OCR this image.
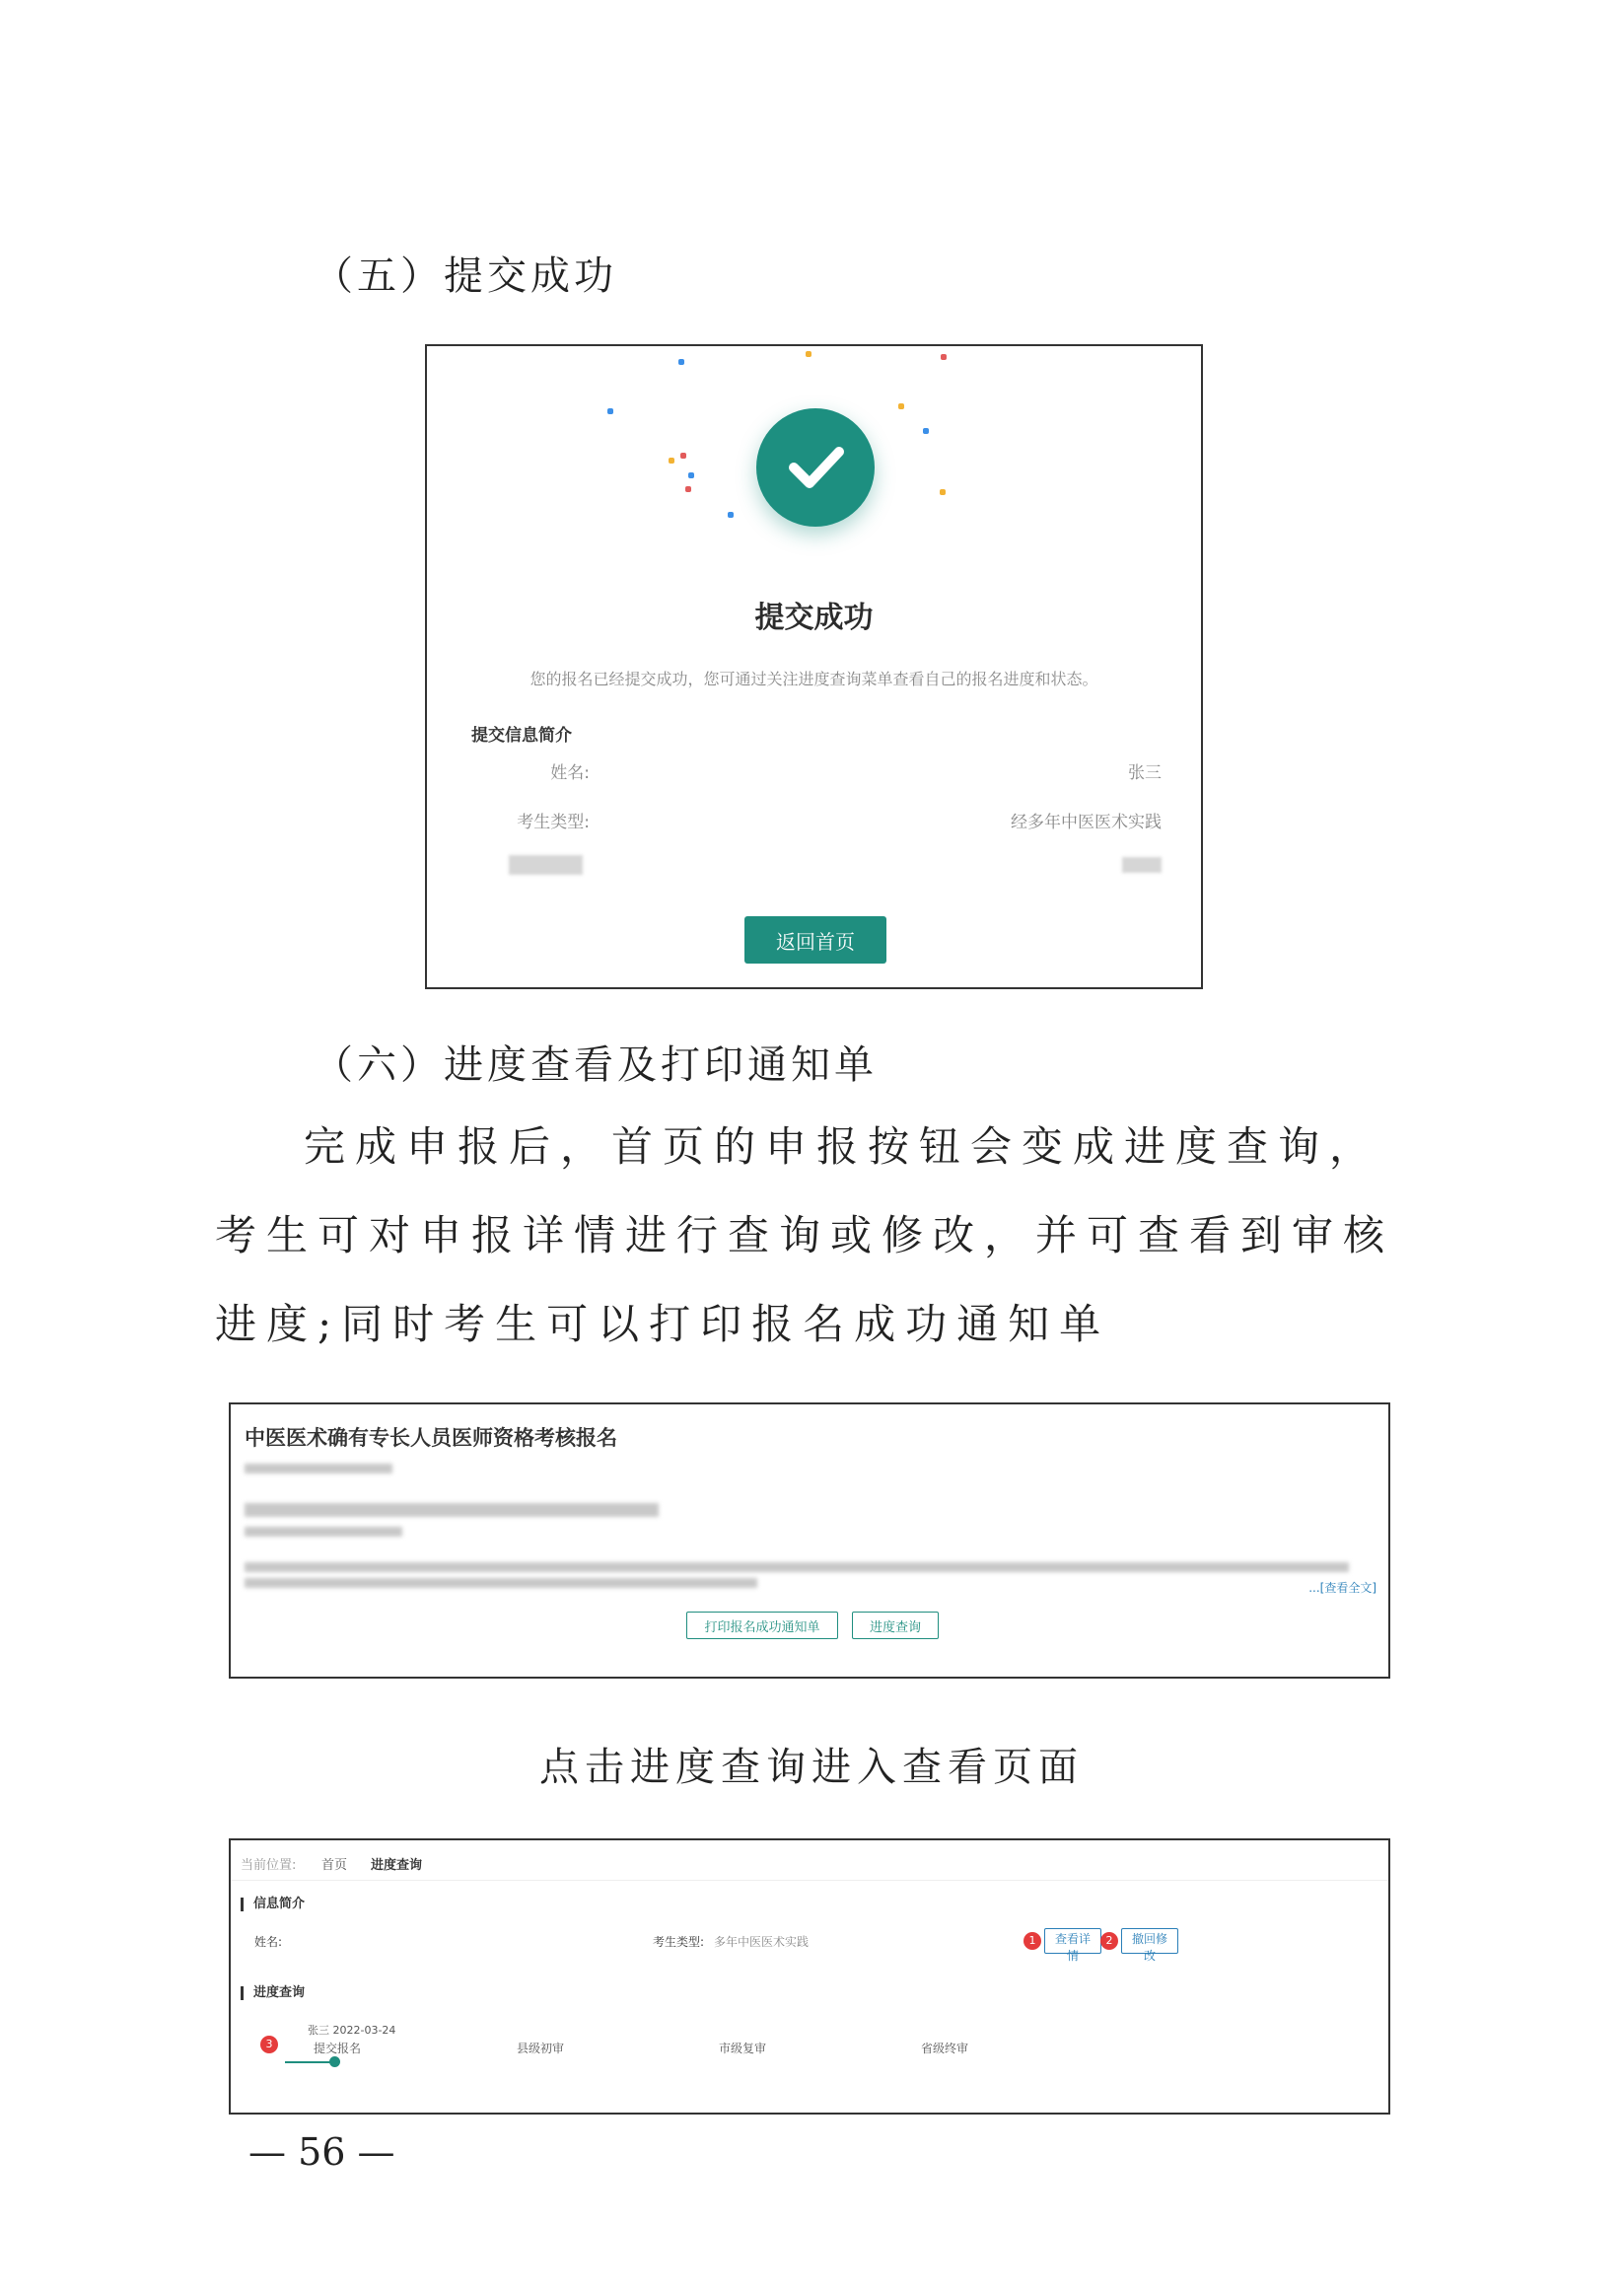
（五）提交成功
提交成功
您的报名已经提交成功，您可通过关注进度查询菜单查看自己的报名进度和状态。
提交信息简介
姓名:	张三
考生类型:	经多年中医医术实践
返回首页
（六）进度查看及打印通知单
完成申报后，首页的申报按钮会变成进度查询，考生可对申报详情进行查询或修改，并可查看到审核进度;同时考生可以打印报名成功通知单
中医医术确有专长人员医师资格考核报名
...[查看全文]
打印报名成功通知单	进度查询
点击进度查询进入查看页面
当前位置: 首页 进度查询
信息简介
姓名:	考生类型: 多年中医医术实践	1	查看详情
2	撤回修改
进度查询
张三 2022-03-24
3	提交报名	县级初审	市级复审	省级终审
— 56 —
